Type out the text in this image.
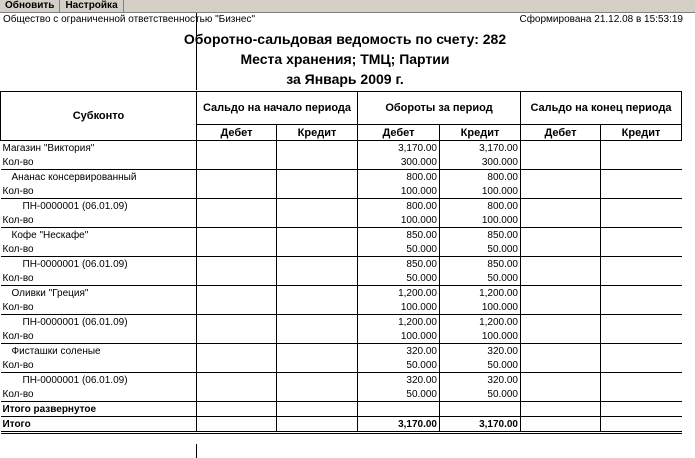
Обновить Настройка
Общество с ограниченной ответственностью "Бизнес"	Сформирована 21.12.08 в 15:53:19
Оборотно-сальдовая ведомость по счету: 282
Места хранения; ТМЦ; Партии
за Январь 2009 г.
Субконто	Сальдо на начало периода		Обороты за период		Сальдо на конец периода	
	Дебет	Кредит	Дебет	Кредит	Дебет	Кредит
Магазин "Виктория"			3,170.00	3,170.00		
Кол-во			300.000	300.000		
Ананас консервированный			800.00	800.00		
Кол-во			100.000	100.000		
ПН-0000001 (06.01.09)			800.00	800.00		
Кол-во			100.000	100.000		
Кофе "Нескафе"			850.00	850.00		
Кол-во			50.000	50.000		
ПН-0000001 (06.01.09)			850.00	850.00		
Кол-во			50.000	50.000		
Оливки "Греция"			1,200.00	1,200.00		
Кол-во			100.000	100.000		
ПН-0000001 (06.01.09)			1,200.00	1,200.00		
Кол-во			100.000	100.000		
Фисташки соленые			320.00	320.00		
Кол-во			50.000	50.000		
ПН-0000001 (06.01.09)			320.00	320.00		
Кол-во			50.000	50.000		
Итого развернутое						
Итого			3,170.00	3,170.00		
